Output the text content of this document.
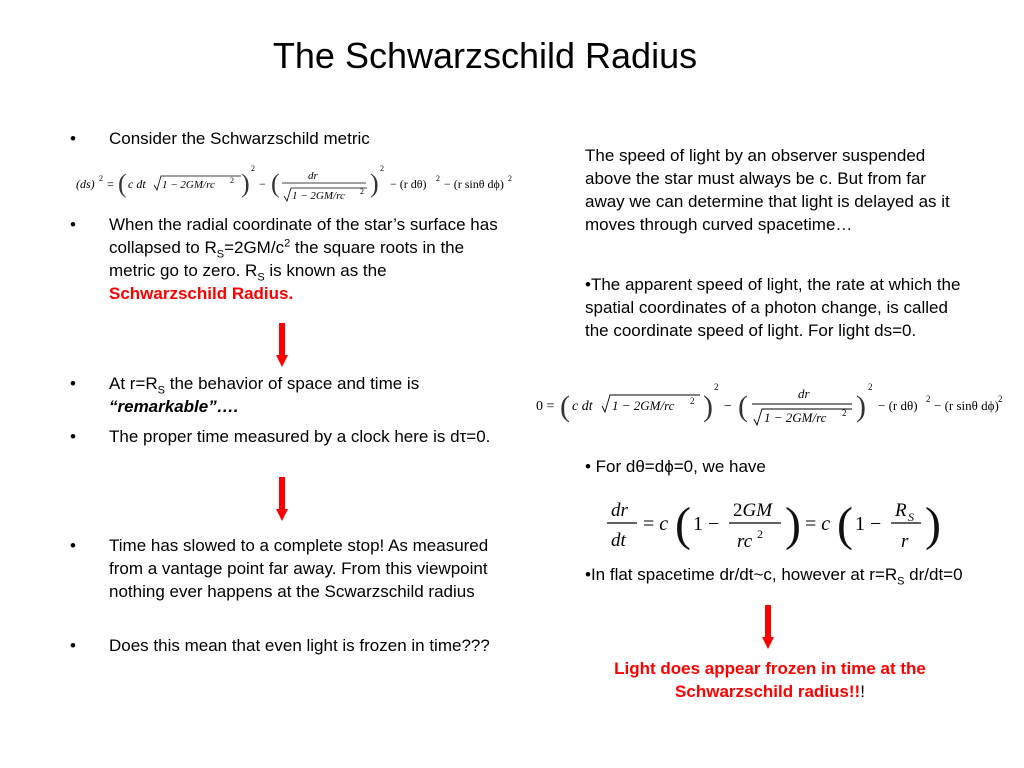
The Schwarzschild Radius
• Consider the Schwarzschild metric
(ds) 2 = ( c dt 1 − 2GM/rc 2 )
2
− (	dr
1 − 2GM/rc 2 )
2
− (r dθ) 2 − (r sinθ dϕ) 2
• When the radial coordinate of the star’s surface has collapsed to $R_S=2GM/c^2$ the square roots in the metric go to zero. $R_S$ is known as the Schwarzschild Radius.
• At $r=R_S$ the behavior of space and time is “remarkable”….
• The proper time measured by a clock here is dτ=0.
• Time has slowed to a complete stop! As measured from a vantage point far away. From this viewpoint nothing ever happens at the Scwarzschild radius
• Does this mean that even light is frozen in time???
The speed of light by an observer suspended above the star must always be c. But from far away we can determine that light is delayed as it moves through curved spacetime…
•The apparent speed of light, the rate at which the spatial coordinates of a photon change, is called the coordinate speed of light. For light ds=0.
0 = ( c dt 1 − 2GM/rc 2 )
2
− (	dr
1 − 2GM/rc 2 )
2
− (r dθ) 2 − (r sinθ dϕ) 2
• For dθ=dϕ=0, we have
dr
dt
= c ( 1 −
2GM
rc 2 ) = c ( 1 −
R S
r )
•In flat spacetime dr/dt~c, however at $r=R_S$ dr/dt=0
Light does appear frozen in time at the Schwarzschild radius!!!
